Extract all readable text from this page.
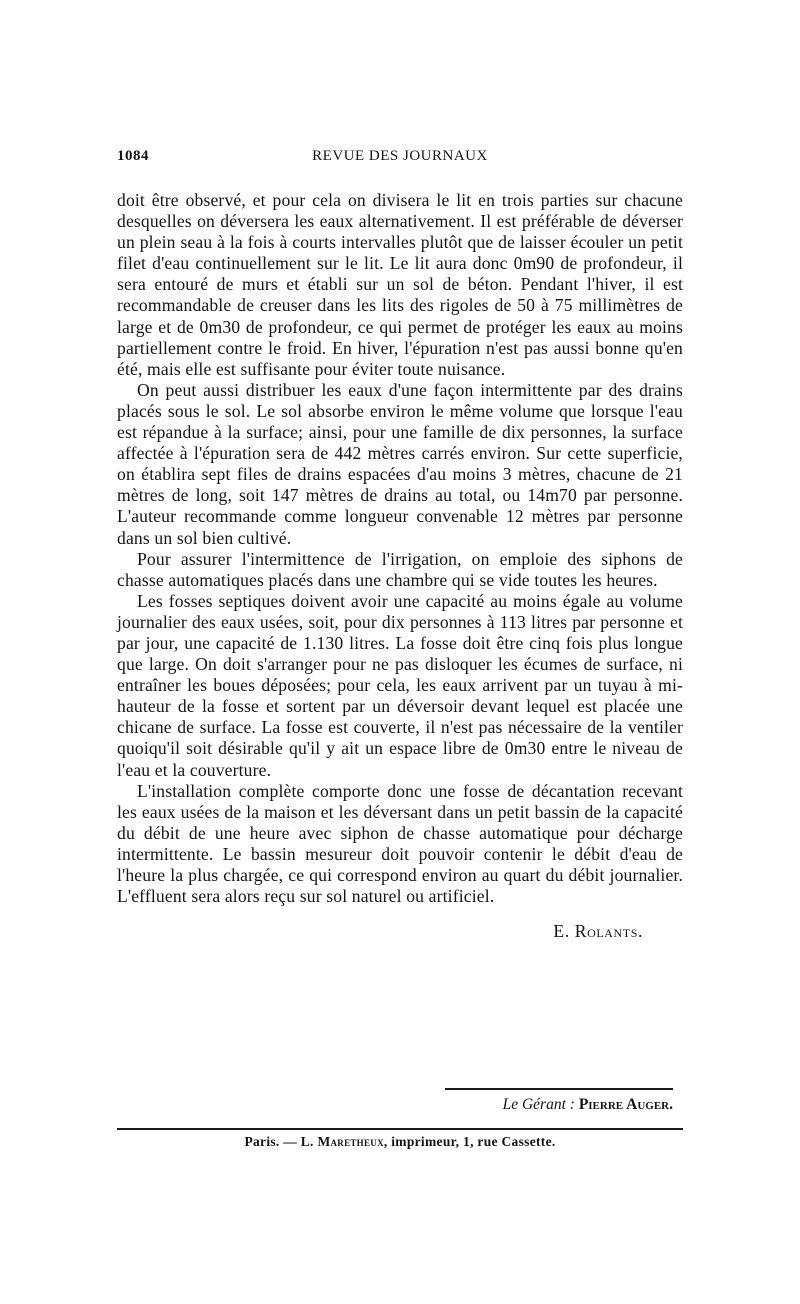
1084	REVUE DES JOURNAUX

doit être observé, et pour cela on divisera le lit en trois parties sur chacune desquelles on déversera les eaux alternativement. Il est préférable de déverser un plein seau à la fois à courts intervalles plutôt que de laisser écouler un petit filet d'eau continuellement sur le lit. Le lit aura donc 0m90 de profondeur, il sera entouré de murs et établi sur un sol de béton. Pendant l'hiver, il est recommandable de creuser dans les lits des rigoles de 50 à 75 millimètres de large et de 0m30 de profondeur, ce qui permet de protéger les eaux au moins partiellement contre le froid. En hiver, l'épuration n'est pas aussi bonne qu'en été, mais elle est suffisante pour éviter toute nuisance.

On peut aussi distribuer les eaux d'une façon intermittente par des drains placés sous le sol. Le sol absorbe environ le même volume que lorsque l'eau est répandue à la surface; ainsi, pour une famille de dix personnes, la surface affectée à l'épuration sera de 442 mètres carrés environ. Sur cette superficie, on établira sept files de drains espacées d'au moins 3 mètres, chacune de 21 mètres de long, soit 147 mètres de drains au total, ou 14m70 par personne. L'auteur recommande comme longueur convenable 12 mètres par personne dans un sol bien cultivé.

Pour assurer l'intermittence de l'irrigation, on emploie des siphons de chasse automatiques placés dans une chambre qui se vide toutes les heures.

Les fosses septiques doivent avoir une capacité au moins égale au volume journalier des eaux usées, soit, pour dix personnes à 113 litres par personne et par jour, une capacité de 1.130 litres. La fosse doit être cinq fois plus longue que large. On doit s'arranger pour ne pas disloquer les écumes de surface, ni entraîner les boues déposées; pour cela, les eaux arrivent par un tuyau à mi-hauteur de la fosse et sortent par un déversoir devant lequel est placée une chicane de surface. La fosse est couverte, il n'est pas nécessaire de la ventiler quoiqu'il soit désirable qu'il y ait un espace libre de 0m30 entre le niveau de l'eau et la couverture.

L'installation complète comporte donc une fosse de décantation recevant les eaux usées de la maison et les déversant dans un petit bassin de la capacité du débit de une heure avec siphon de chasse automatique pour décharge intermittente. Le bassin mesureur doit pouvoir contenir le débit d'eau de l'heure la plus chargée, ce qui correspond environ au quart du débit journalier. L'effluent sera alors reçu sur sol naturel ou artificiel.

E. Rolants.
Le Gérant : Pierre Auger.
Paris. — L. Maretheux, imprimeur, 1, rue Cassette.
